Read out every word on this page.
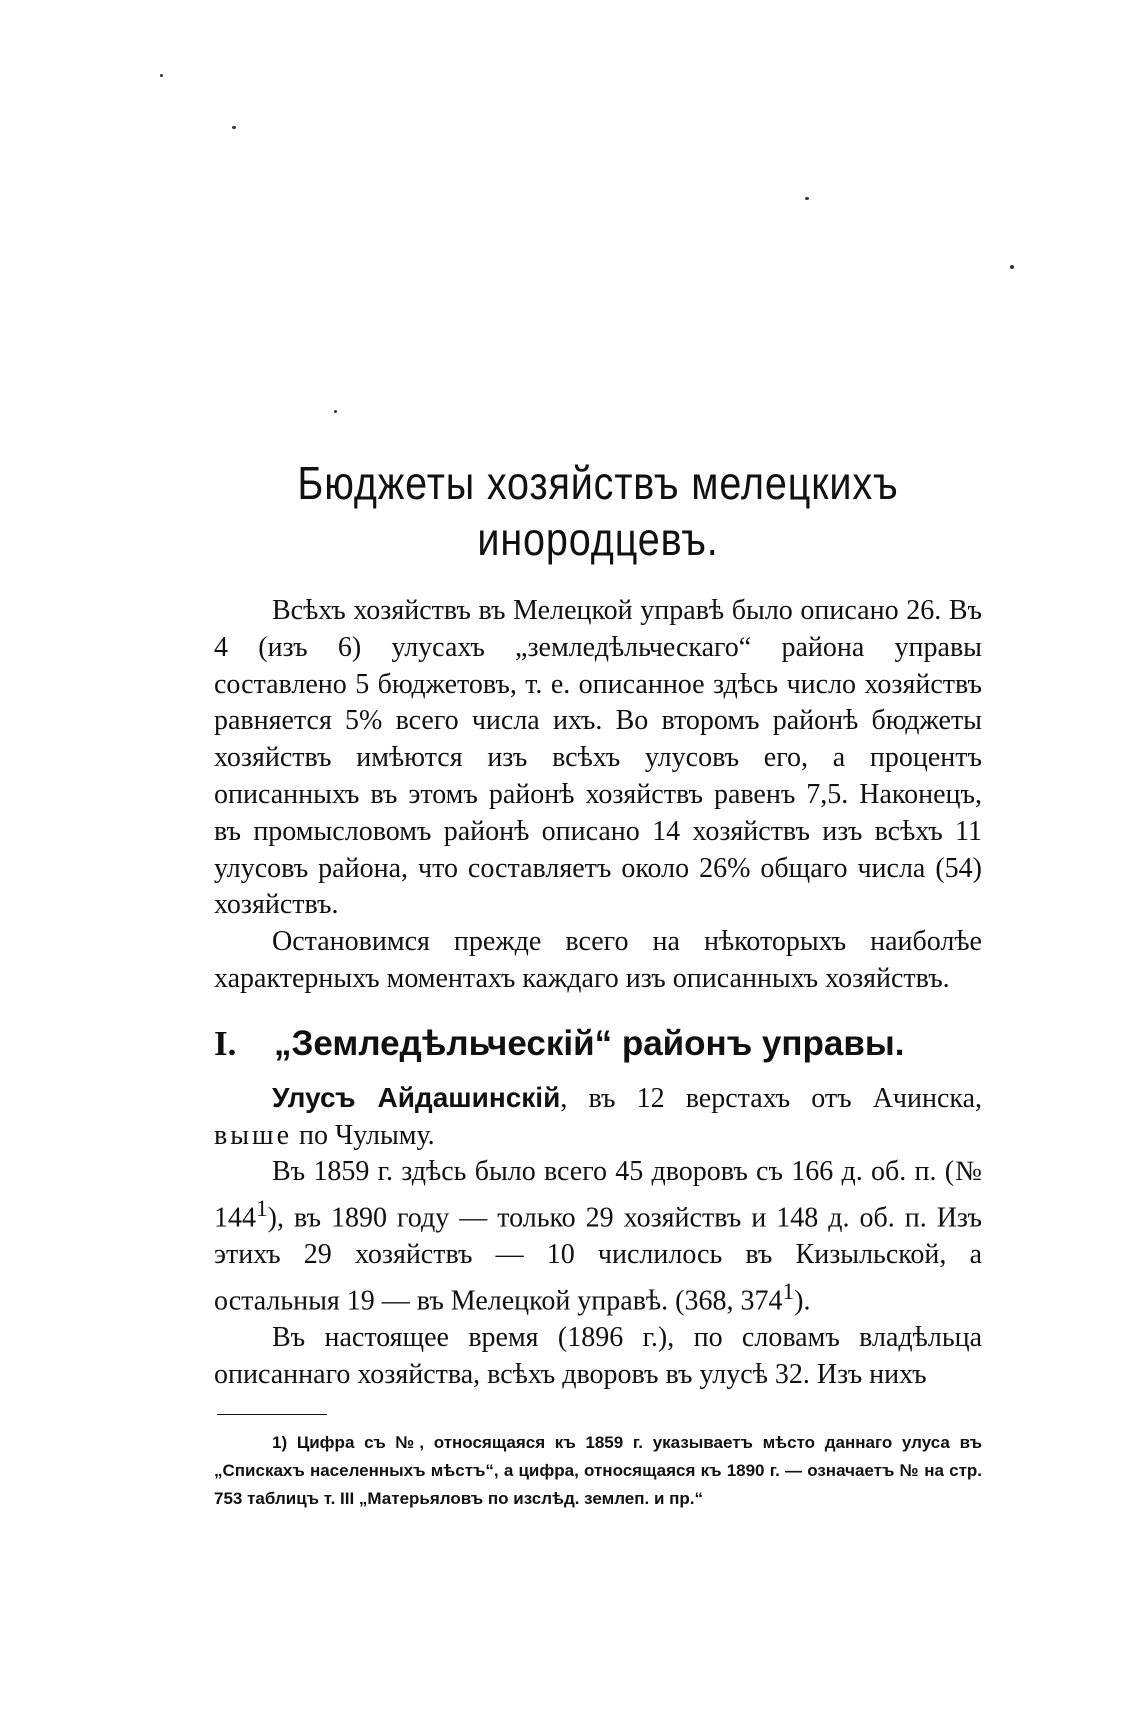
Бюджеты хозяйствъ мелецкихъ
инородцевъ.

Всѣхъ хозяйствъ въ Мелецкой управѣ было описано 26. Въ 4 (изъ 6) улусахъ „земледѣльческаго“ района управы составлено 5 бюджетовъ, т. е. описанное здѣсь число хозяйствъ равняется 5% всего числа ихъ. Во второмъ районѣ бюджеты хозяйствъ имѣются изъ всѣхъ улусовъ его, а процентъ описанныхъ въ этомъ районѣ хозяйствъ равенъ 7,5. Наконецъ, въ промысловомъ районѣ описано 14 хозяйствъ изъ всѣхъ 11 улусовъ района, что составляетъ около 26% общаго числа (54) хозяйствъ.

Остановимся прежде всего на нѣкоторыхъ наиболѣе характерныхъ моментахъ каждаго изъ описанныхъ хозяйствъ.

I. „Земледѣльческій“ районъ управы.

Улусъ Айдашинскій, въ 12 верстахъ отъ Ачинска, выше по Чулыму.

Въ 1859 г. здѣсь было всего 45 дворовъ съ 166 д. об. п. (№ $144^1$), въ 1890 году — только 29 хозяйствъ и 148 д. об. п. Изъ этихъ 29 хозяйствъ — 10 числилось въ Кизыльской, а остальныя 19 — въ Мелецкой управѣ. (368, $374^1$).

Въ настоящее время (1896 г.), по словамъ владѣльца описаннаго хозяйства, всѣхъ дворовъ въ улусѣ 32. Изъ нихъ

1) Цифра съ №, относящаяся къ 1859 г. указываетъ мѣсто даннаго улуса въ „Спискахъ населенныхъ мѣстъ“, а цифра, относящаяся къ 1890 г. — означаетъ № на стр. 753 таблицъ т. III „Матерьяловъ по изслѣд. землеп. и пр.“
